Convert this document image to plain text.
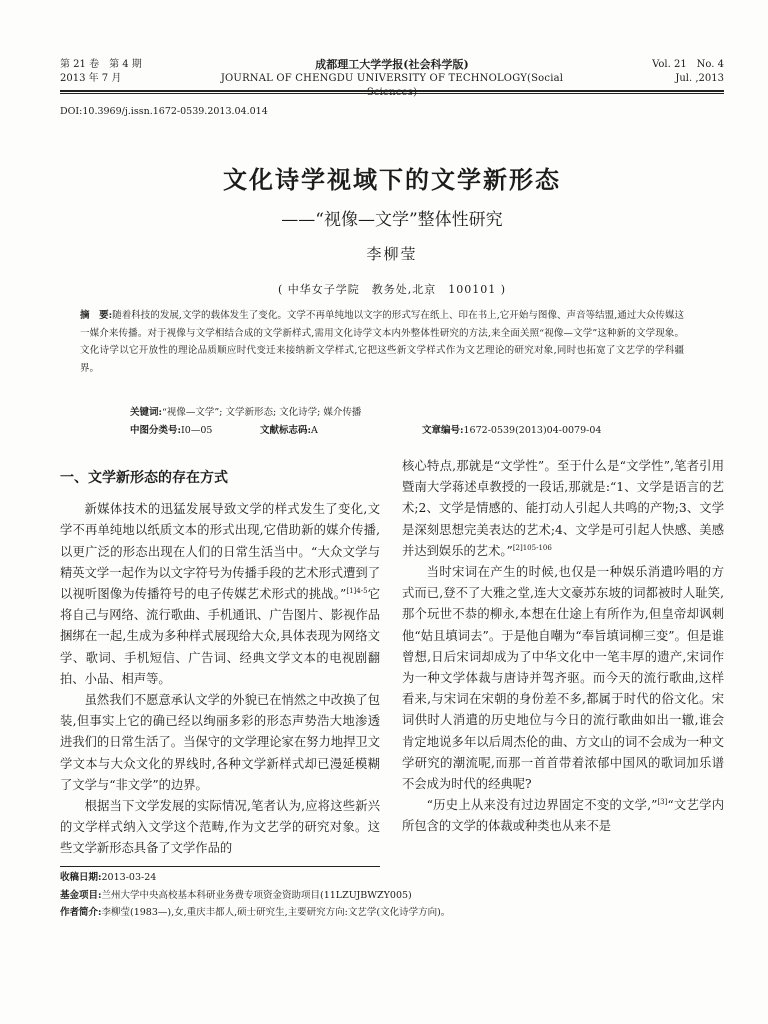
第 21 卷　第 4 期
2013 年 7 月
成都理工大学学报(社会科学版)
JOURNAL OF CHENGDU UNIVERSITY OF TECHNOLOGY(Social Sciences)
Vol. 21　No. 4
Jul. ,2013
DOI:10.3969/j.issn.1672-0539.2013.04.014
文化诗学视域下的文学新形态
——“视像—文学”整体性研究
李柳莹
( 中华女子学院　教务处,北京　100101 )
摘　要:随着科技的发展,文学的载体发生了变化。文学不再单纯地以文字的形式写在纸上、印在书上,它开始与图像、声音等结盟,通过大众传媒这一媒介来传播。对于视像与文学相结合成的文学新样式,需用文化诗学文本内外整体性研究的方法,来全面关照“视像—文学”这种新的文学现象。文化诗学以它开放性的理论品质顺应时代变迁来接纳新文学样式,它把这些新文学样式作为文艺理论的研究对象,同时也拓宽了文艺学的学科疆界。
关键词:“视像—文学”; 文学新形态; 文化诗学; 媒介传播
中图分类号:I0—05	文献标志码:A	文章编号:1672-0539(2013)04-0079-04

一、文学新形态的存在方式

新媒体技术的迅猛发展导致文学的样式发生了变化,文学不再单纯地以纸质文本的形式出现,它借助新的媒介传播,以更广泛的形态出现在人们的日常生活当中。“大众文学与精英文学一起作为以文字符号为传播手段的艺术形式遭到了以视听图像为传播符号的电子传媒艺术形式的挑战。”$^{[1]4-5}$它将自己与网络、流行歌曲、手机通讯、广告图片、影视作品捆绑在一起,生成为多种样式展现给大众,具体表现为网络文学、歌词、手机短信、广告词、经典文学文本的电视剧翻拍、小品、相声等。

虽然我们不愿意承认文学的外貌已在悄然之中改换了包装,但事实上它的确已经以绚丽多彩的形态声势浩大地渗透进我们的日常生活了。当保守的文学理论家在努力地捍卫文学文本与大众文化的界线时,各种文学新样式却已漫延模糊了文学与“非文学”的边界。

根据当下文学发展的实际情况,笔者认为,应将这些新兴的文学样式纳入文学这个范畴,作为文艺学的研究对象。这些文学新形态具备了文学作品的

核心特点,那就是“文学性”。至于什么是“文学性”,笔者引用暨南大学蒋述卓教授的一段话,那就是:“1、文学是语言的艺术;2、文学是情感的、能打动人引起人共鸣的产物;3、文学是深刻思想完美表达的艺术;4、文学是可引起人快感、美感并达到娱乐的艺术。”$^{[2]105-106}$

当时宋词在产生的时候,也仅是一种娱乐消遣吟唱的方式而已,登不了大雅之堂,连大文豪苏东坡的词都被时人耻笑,那个玩世不恭的柳永,本想在仕途上有所作为,但皇帝却讽刺他“姑且填词去”。于是他自嘲为“奉旨填词柳三变”。但是谁曾想,日后宋词却成为了中华文化中一笔丰厚的遗产,宋词作为一种文学体裁与唐诗并驾齐驱。而今天的流行歌曲,这样看来,与宋词在宋朝的身份差不多,都属于时代的俗文化。宋词供时人消遣的历史地位与今日的流行歌曲如出一辙,谁会肯定地说多年以后周杰伦的曲、方文山的词不会成为一种文学研究的潮流呢,而那一首首带着浓郁中国风的歌词加乐谱不会成为时代的经典呢?

“历史上从来没有过边界固定不变的文学,”[3]“文艺学内所包含的文学的体裁或种类也从来不是

收稿日期:2013-03-24
基金项目:兰州大学中央高校基本科研业务费专项资金资助项目(11LZUJBWZY005)
作者简介:李柳莹(1983—),女,重庆丰都人,硕士研究生,主要研究方向:文艺学(文化诗学方向)。
